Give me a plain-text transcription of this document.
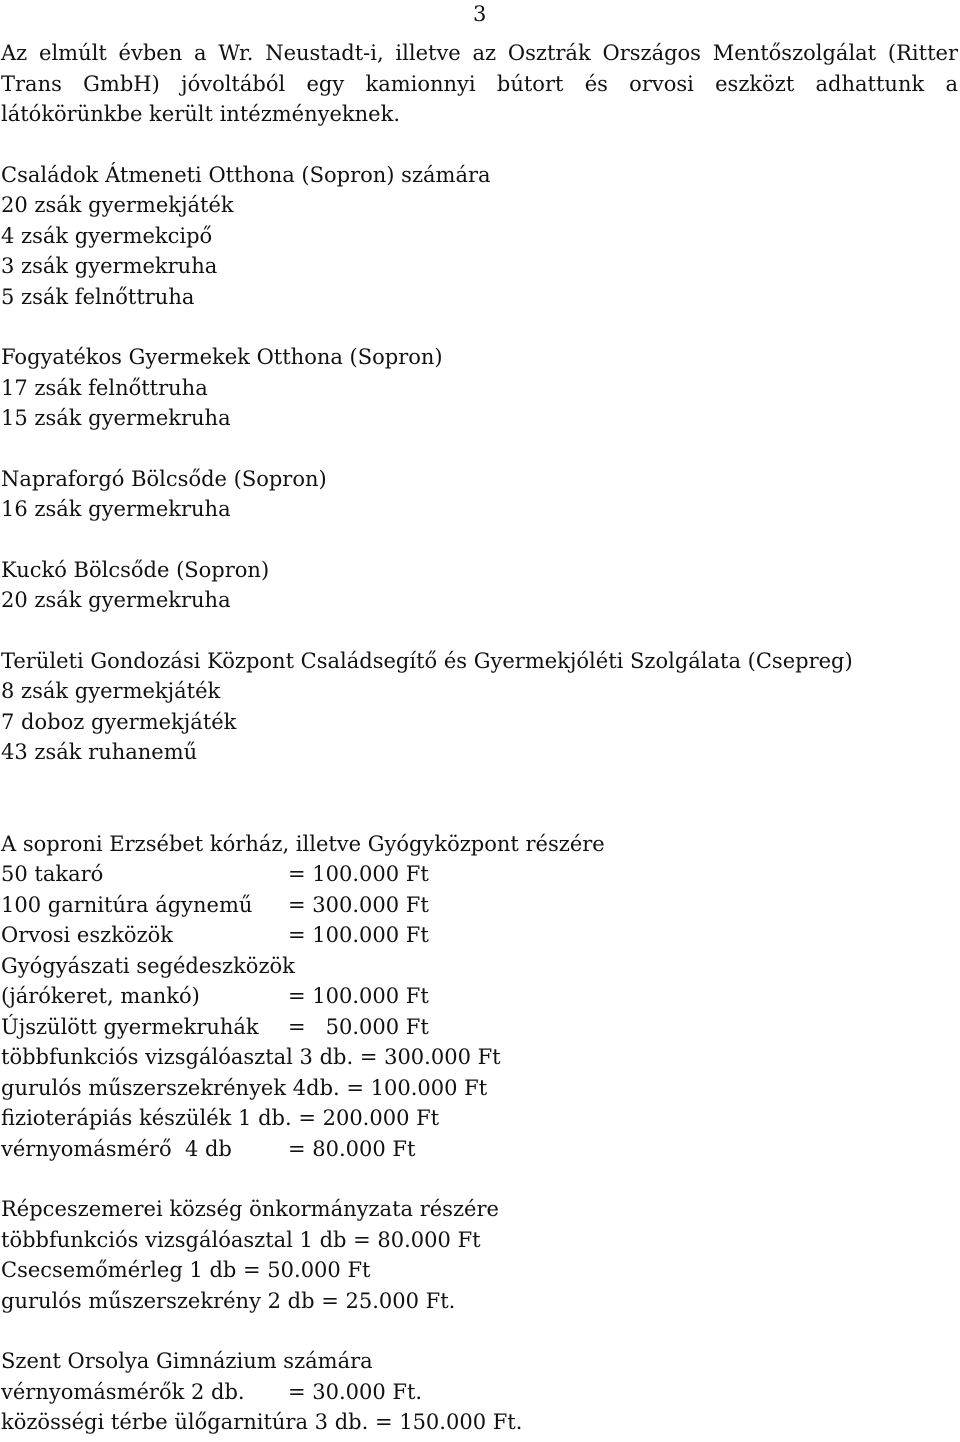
3
Az elmúlt évben a Wr. Neustadt-i, illetve az Osztrák Országos Mentőszolgálat (Ritter
Trans GmbH) jóvoltából egy kamionnyi bútort és orvosi eszközt adhattunk a
látókörünkbe került intézményeknek.
Családok Átmeneti Otthona (Sopron) számára
20 zsák gyermekjáték
4 zsák gyermekcipő
3 zsák gyermekruha
5 zsák felnőttruha
Fogyatékos Gyermekek Otthona (Sopron)
17 zsák felnőttruha
15 zsák gyermekruha
Napraforgó Bölcsőde (Sopron)
16 zsák gyermekruha
Kuckó Bölcsőde (Sopron)
20 zsák gyermekruha
Területi Gondozási Központ Családsegítő és Gyermekjóléti Szolgálata (Csepreg)
8 zsák gyermekjáték
7 doboz gyermekjáték
43 zsák ruhanemű
A soproni Erzsébet kórház, illetve Gyógyközpont részére
50 takaró	= 100.000 Ft
100 garnitúra ágynemű	= 300.000 Ft
Orvosi eszközök	= 100.000 Ft
Gyógyászati segédeszközök
(járókeret, mankó)	= 100.000 Ft
Újszülött gyermekruhák	=   50.000 Ft
többfunkciós vizsgálóasztal 3 db. = 300.000 Ft
gurulós műszerszekrények 4db. = 100.000 Ft
fizioterápiás készülék 1 db. = 200.000 Ft
vérnyomásmérő  4 db	= 80.000 Ft
Répceszemerei község önkormányzata részére
többfunkciós vizsgálóasztal 1 db = 80.000 Ft
Csecsemőmérleg 1 db = 50.000 Ft
gurulós műszerszekrény 2 db = 25.000 Ft.
Szent Orsolya Gimnázium számára
vérnyomásmérők 2 db.	= 30.000 Ft.
közösségi térbe ülőgarnitúra 3 db. = 150.000 Ft.
